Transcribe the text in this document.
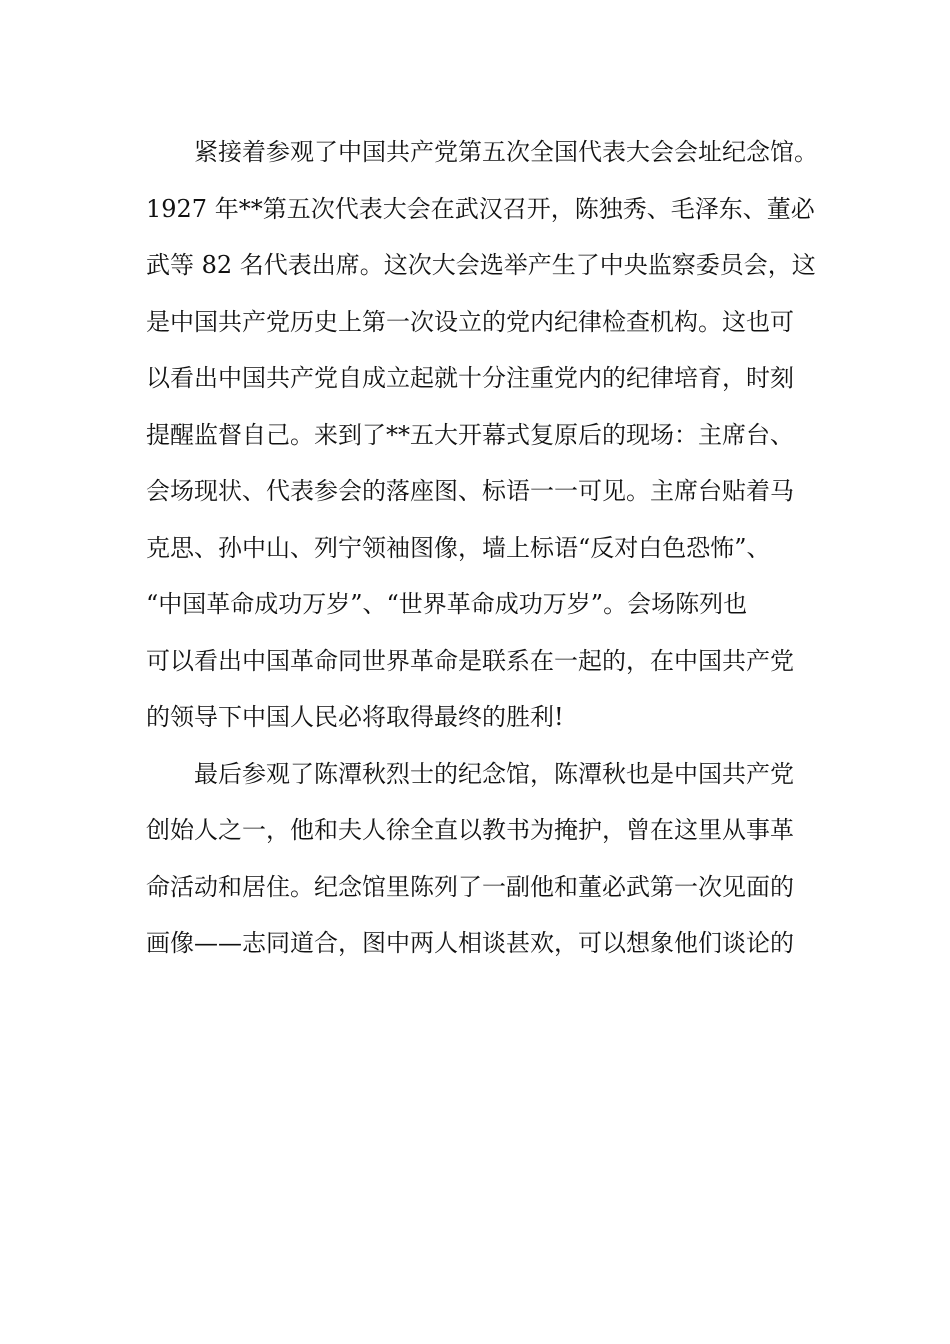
紧接着参观了中国共产党第五次全国代表大会会址纪念馆。
1927 年**第五次代表大会在武汉召开，陈独秀、毛泽东、董必
武等 82 名代表出席。这次大会选举产生了中央监察委员会，这
是中国共产党历史上第一次设立的党内纪律检查机构。这也可
以看出中国共产党自成立起就十分注重党内的纪律培育，时刻
提醒监督自己。来到了**五大开幕式复原后的现场：主席台、
会场现状、代表参会的落座图、标语一一可见。主席台贴着马
克思、孙中山、列宁领袖图像，墙上标语“反对白色恐怖”、
“中国革命成功万岁”、“世界革命成功万岁”。会场陈列也
可以看出中国革命同世界革命是联系在一起的，在中国共产党
的领导下中国人民必将取得最终的胜利!
最后参观了陈潭秋烈士的纪念馆，陈潭秋也是中国共产党
创始人之一，他和夫人徐全直以教书为掩护，曾在这里从事革
命活动和居住。纪念馆里陈列了一副他和董必武第一次见面的
画像——志同道合，图中两人相谈甚欢，可以想象他们谈论的
